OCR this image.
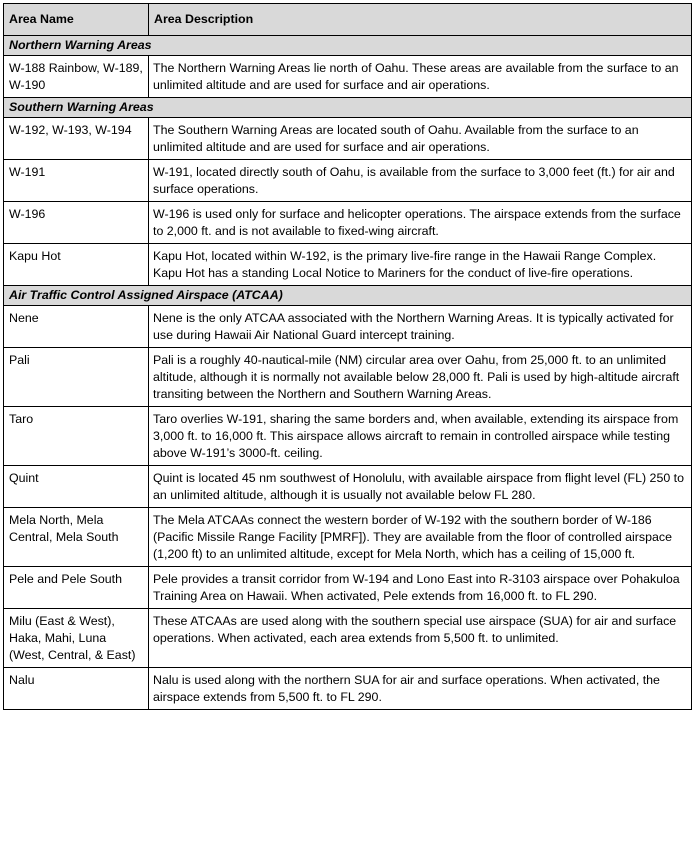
Area Name	Area Description
Northern Warning Areas	
W-188 Rainbow, W-189, W-190	The Northern Warning Areas lie north of Oahu. These areas are available from the surface to an unlimited altitude and are used for surface and air operations.
Southern Warning Areas	
W-192, W-193, W-194	The Southern Warning Areas are located south of Oahu. Available from the surface to an unlimited altitude and are used for surface and air operations.
W-191	W-191, located directly south of Oahu, is available from the surface to 3,000 feet (ft.) for air and surface operations.
W-196	W-196 is used only for surface and helicopter operations. The airspace extends from the surface to 2,000 ft. and is not available to fixed-wing aircraft.
Kapu Hot	Kapu Hot, located within W-192, is the primary live-fire range in the Hawaii Range Complex. Kapu Hot has a standing Local Notice to Mariners for the conduct of live-fire operations.
Air Traffic Control Assigned Airspace (ATCAA)	
Nene	Nene is the only ATCAA associated with the Northern Warning Areas. It is typically activated for use during Hawaii Air National Guard intercept training.
Pali	Pali is a roughly 40-nautical-mile (NM) circular area over Oahu, from 25,000 ft. to an unlimited altitude, although it is normally not available below 28,000 ft. Pali is used by high-altitude aircraft transiting between the Northern and Southern Warning Areas.
Taro	Taro overlies W-191, sharing the same borders and, when available, extending its airspace from 3,000 ft. to 16,000 ft. This airspace allows aircraft to remain in controlled airspace while testing above W-191’s 3000-ft. ceiling.
Quint	Quint is located 45 nm southwest of Honolulu, with available airspace from flight level (FL) 250 to an unlimited altitude, although it is usually not available below FL 280.
Mela North, Mela Central, Mela South	The Mela ATCAAs connect the western border of W-192 with the southern border of W-186 (Pacific Missile Range Facility [PMRF]). They are available from the floor of controlled airspace (1,200 ft) to an unlimited altitude, except for Mela North, which has a ceiling of 15,000 ft.
Pele and Pele South	Pele provides a transit corridor from W-194 and Lono East into R-3103 airspace over Pohakuloa Training Area on Hawaii. When activated, Pele extends from 16,000 ft. to FL 290.
Milu (East & West), Haka, Mahi, Luna (West, Central, & East)	These ATCAAs are used along with the southern special use airspace (SUA) for air and surface operations. When activated, each area extends from 5,500 ft. to unlimited.
Nalu	Nalu is used along with the northern SUA for air and surface operations. When activated, the airspace extends from 5,500 ft. to FL 290.
